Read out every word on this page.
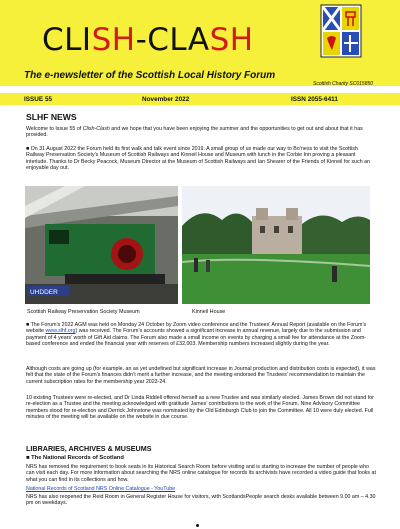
CLISH-CLASH
The e-newsletter of the Scottish Local History Forum
Scottish Charity SC015850
ISSUE 55	November 2022	ISSN 2055-6411
SLHF NEWS
Welcome to Issue 55 of Clish-Clash and we hope that you have been enjoying the summer and the opportunities to get out and about that it has provided.
■ On 31 August 2022 the Forum held its first walk and talk event since 2019. A small group of us made our way to Bo’ness to visit the Scottish Railway Preservation Society’s Museum of Scottish Railways and Kinneil House and Museum with lunch in the Corbie Inn proving a pleasant interlude. Thanks to Dr Becky Peacock, Museum Director at the Museum of Scottish Railways and Ian Shearer of the Friends of Kinneil for such an enjoyable day out.
UHDDER
Scottish Railway Preservation Society Museum	Kinneil House
■ The Forum’s 2022 AGM was held on Monday 24 October by Zoom video conference and the Trustees’ Annual Report (available on the Forum’s website www.slhf.org) was received. The Forum’s accounts showed a significant increase in annual revenue, largely due to the submission and payment of 4 years’ worth of Gift Aid claims. The Forum also made a small income on events by charging a small fee for attendance at the Zoom-based conference and ended the financial year with reserves of £32,003. Membership numbers increased slightly during the year.
Although costs are going up (for example, an as yet undefined but significant increase in Journal production and distribution costs is expected), it was felt that the state of the Forum’s finances didn’t merit a further increase, and the meeting endorsed the Trustees’ recommendation to maintain the current subscription rates for the membership year 2023-24.
10 existing Trustees were re-elected, and Dr Linda Riddell offered herself as a new Trustee and was similarly elected. James Brown did not stand for re-election as a Trustee and the meeting acknowledged with gratitude James’ contributions to the work of the Forum. Nine Advisory Committee members stood for re-election and Derrick Johnstone was nominated by the Old Edinburgh Club to join the Committee. All 10 were duly elected. Full minutes of the meeting will be available on the website in due course.
LIBRARIES, ARCHIVES & MUSEUMS
■ The National Records of Scotland
NRS has removed the requirement to book seats in its Historical Search Room before visiting and is starting to increase the number of people who can visit each day. For more information about searching the NRS online catalogue for records its archivists have recorded a video guide that looks at what you can find in its collections and how.
National Records of Scotland NRS Online Catalogue - YouTube
NRS has also reopened the Reid Room in General Register House for visitors, with ScotlandsPeople search desks available between 9.00 am – 4.30 pm on weekdays.
